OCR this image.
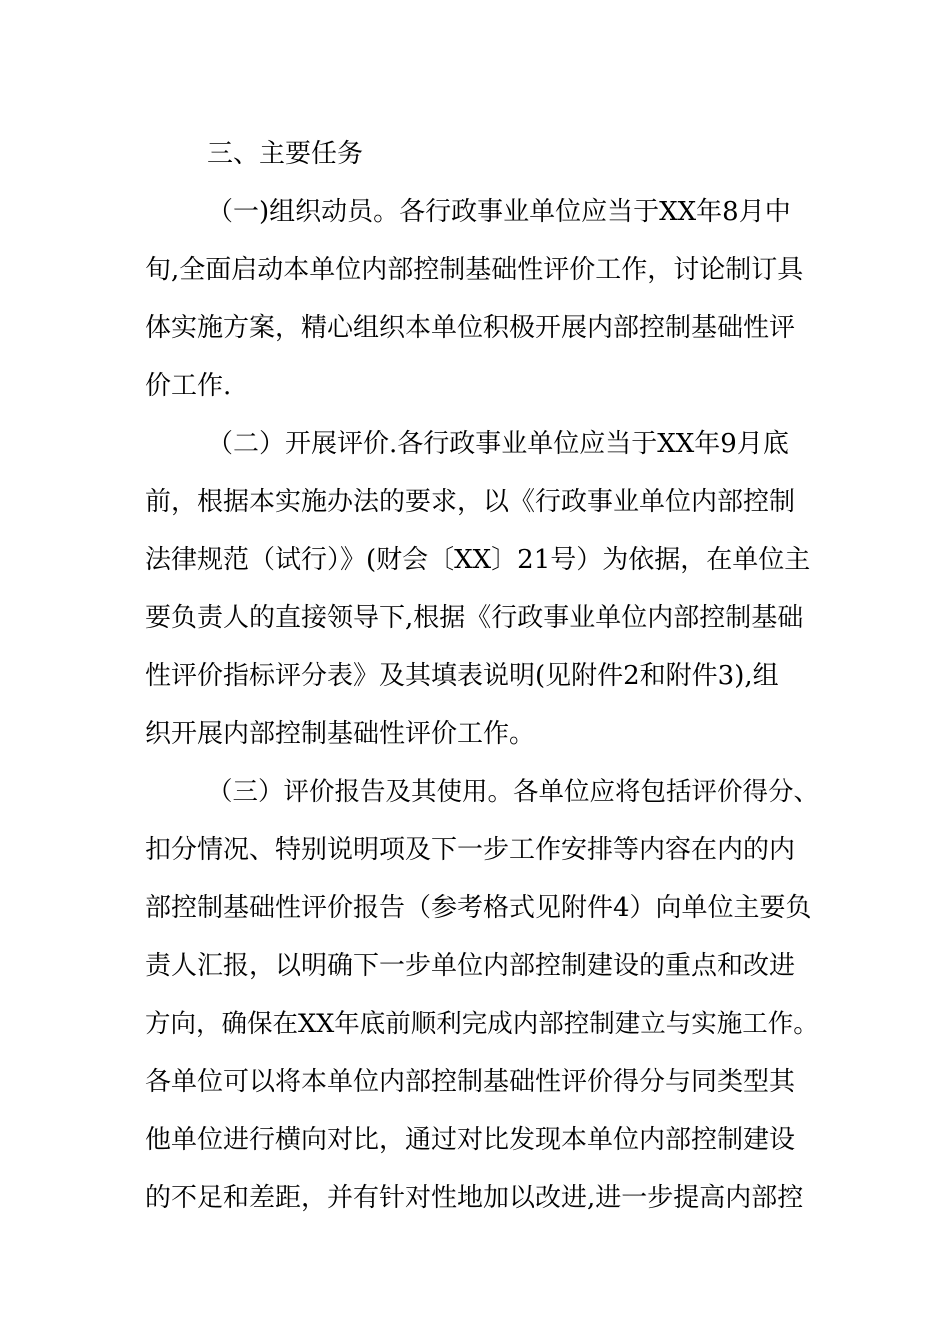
三、主要任务
（一)组织动员。各行政事业单位应当于XX年8月中
旬,全面启动本单位内部控制基础性评价工作，讨论制订具
体实施方案，精心组织本单位积极开展内部控制基础性评
价工作.
（二）开展评价.各行政事业单位应当于XX年9月底
前，根据本实施办法的要求，以《行政事业单位内部控制
法律规范（试行）》(财会〔XX〕21号）为依据，在单位主
要负责人的直接领导下,根据《行政事业单位内部控制基础
性评价指标评分表》及其填表说明(见附件2和附件3),组
织开展内部控制基础性评价工作。
（三）评价报告及其使用。各单位应将包括评价得分、
扣分情况、特别说明项及下一步工作安排等内容在内的内
部控制基础性评价报告（参考格式见附件4）向单位主要负
责人汇报，以明确下一步单位内部控制建设的重点和改进
方向，确保在XX年底前顺利完成内部控制建立与实施工作。
各单位可以将本单位内部控制基础性评价得分与同类型其
他单位进行横向对比，通过对比发现本单位内部控制建设
的不足和差距，并有针对性地加以改进,进一步提高内部控
